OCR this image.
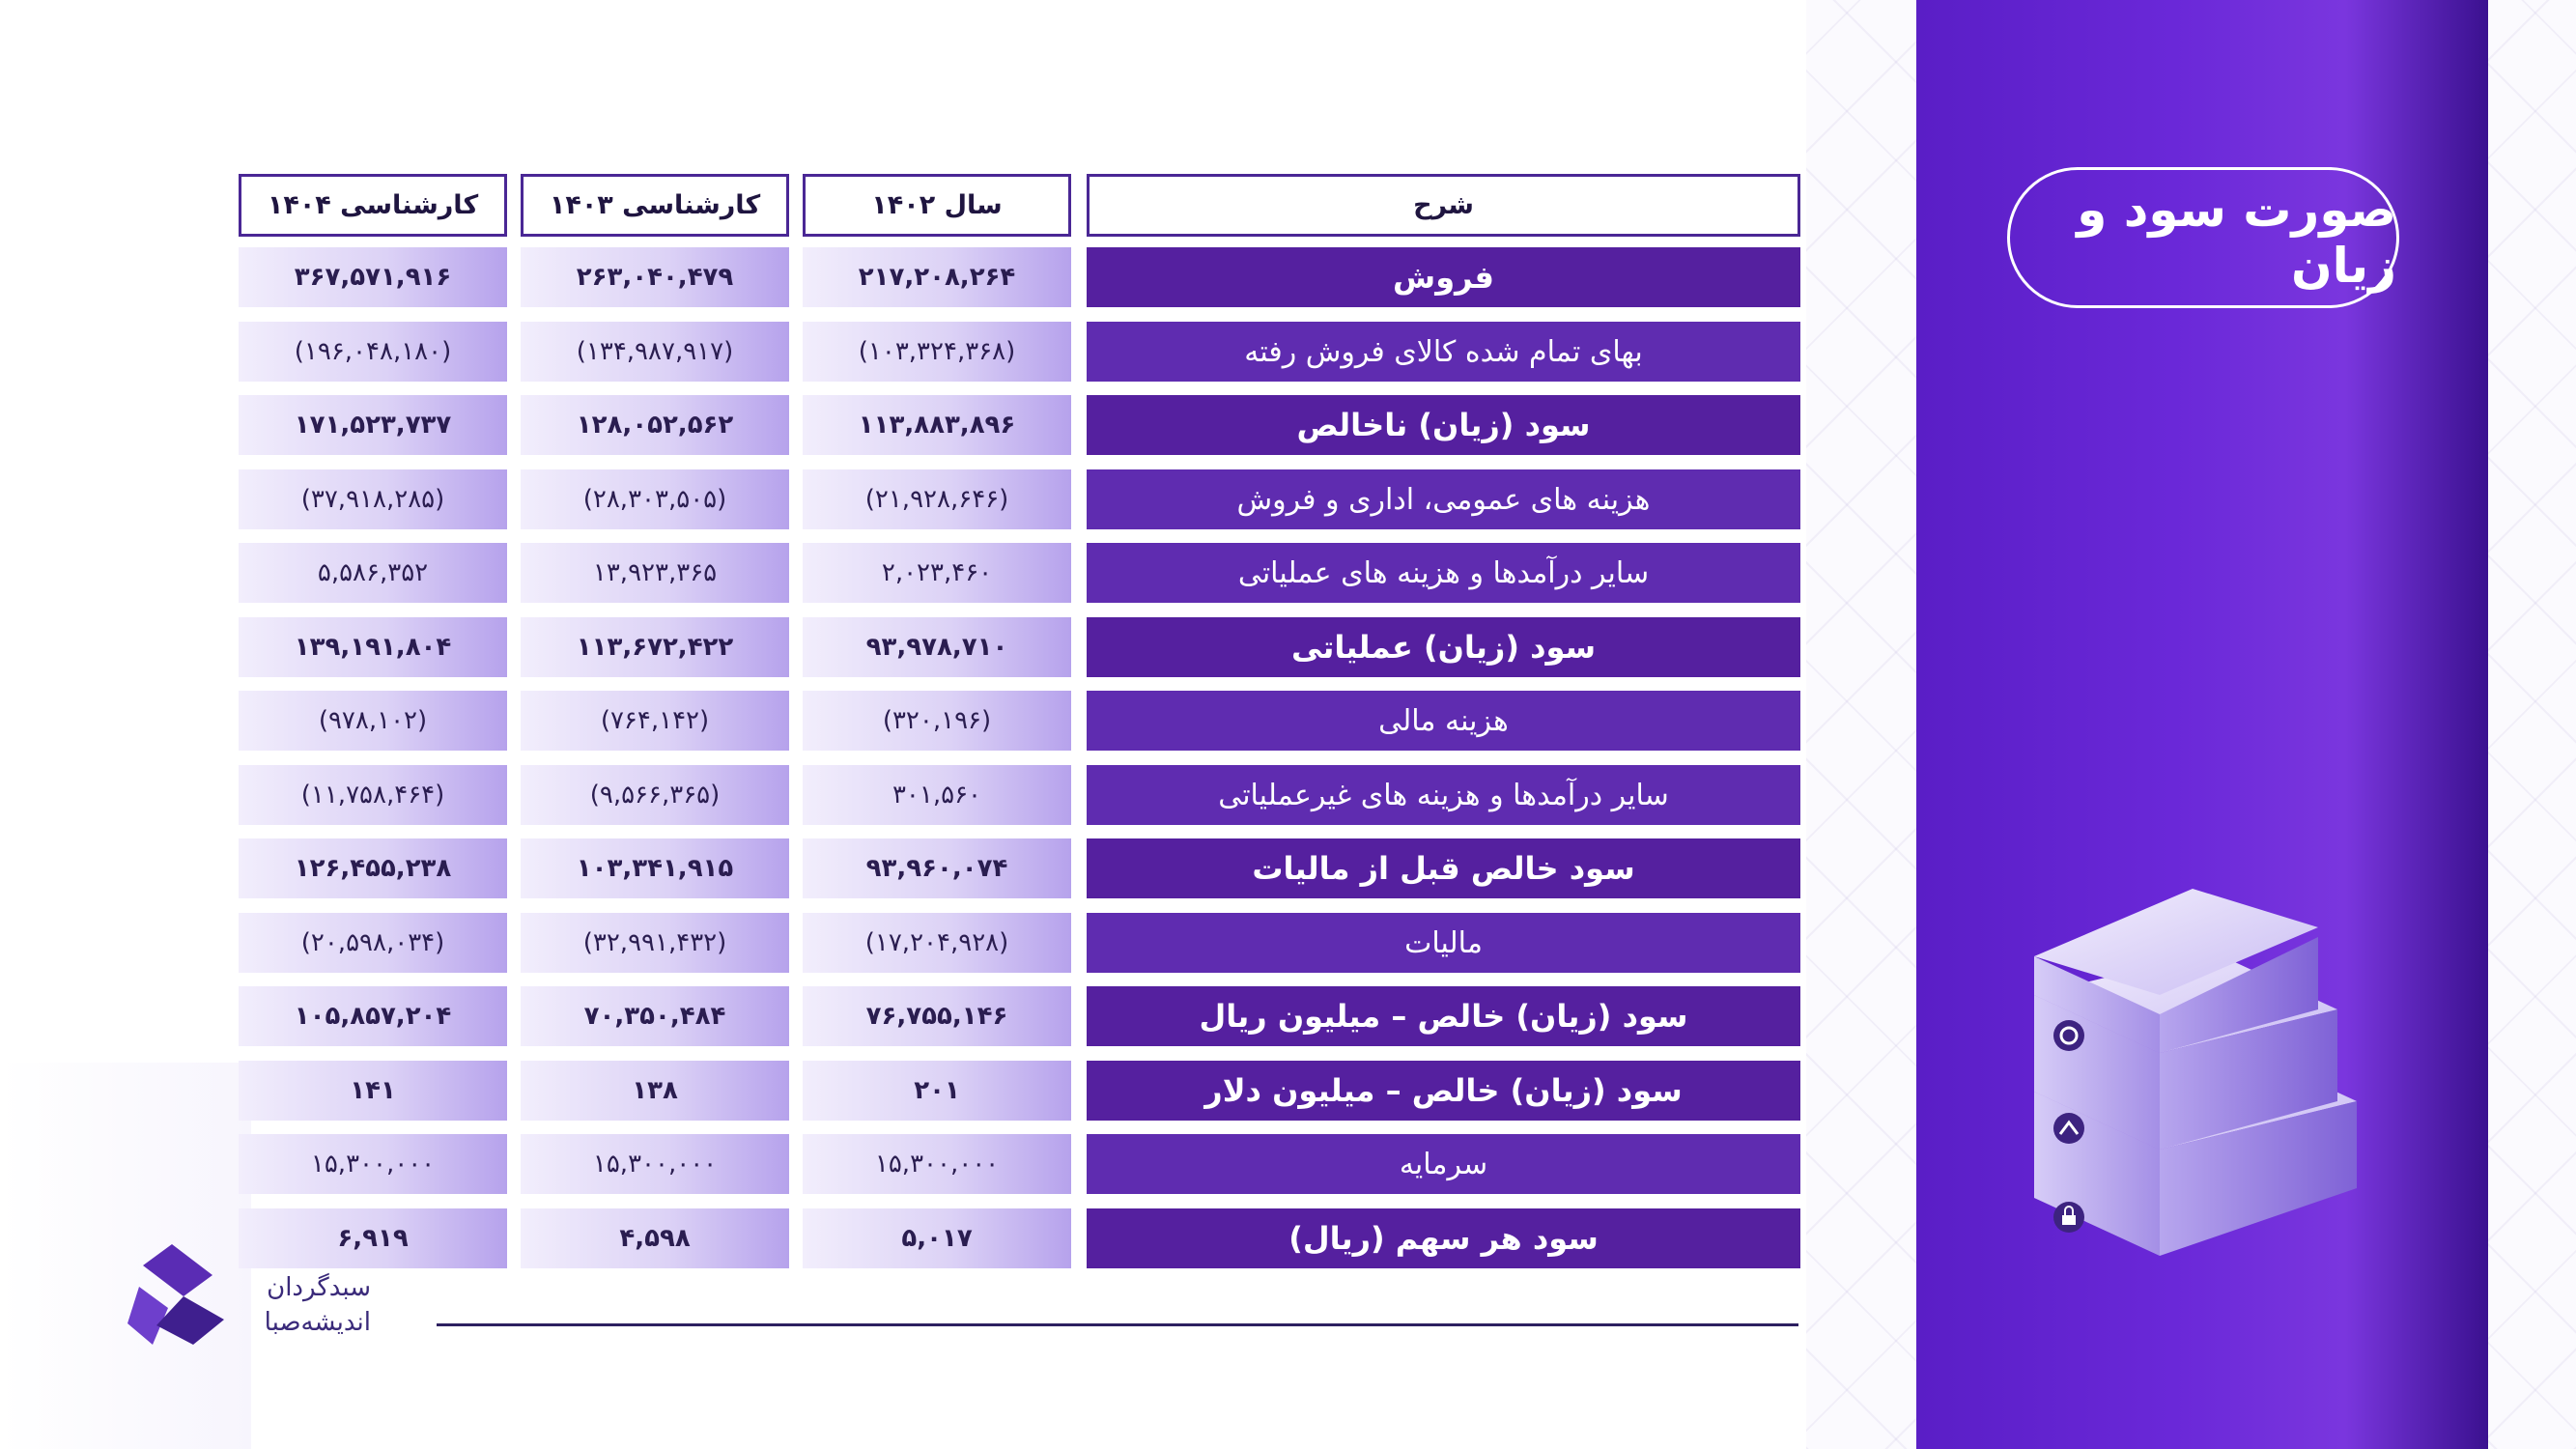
صورت سود و زیان
شرح
سال ۱۴۰۲
کارشناسی ۱۴۰۳
کارشناسی ۱۴۰۴
فروش
۲۱۷,۲۰۸,۲۶۴
۲۶۳,۰۴۰,۴۷۹
۳۶۷,۵۷۱,۹۱۶
بهای تمام شده کالای فروش رفته
(۱۰۳,۳۲۴,۳۶۸)
(۱۳۴,۹۸۷,۹۱۷)
(۱۹۶,۰۴۸,۱۸۰)
سود (زیان) ناخالص
۱۱۳,۸۸۳,۸۹۶
۱۲۸,۰۵۲,۵۶۲
۱۷۱,۵۲۳,۷۳۷
هزینه های عمومی، اداری و فروش
(۲۱,۹۲۸,۶۴۶)
(۲۸,۳۰۳,۵۰۵)
(۳۷,۹۱۸,۲۸۵)
سایر درآمدها و هزینه های عملیاتی
۲,۰۲۳,۴۶۰
۱۳,۹۲۳,۳۶۵
۵,۵۸۶,۳۵۲
سود (زیان) عملیاتی
۹۳,۹۷۸,۷۱۰
۱۱۳,۶۷۲,۴۲۲
۱۳۹,۱۹۱,۸۰۴
هزینه مالی
(۳۲۰,۱۹۶)
(۷۶۴,۱۴۲)
(۹۷۸,۱۰۲)
سایر درآمدها و هزینه های غیرعملیاتی
۳۰۱,۵۶۰
(۹,۵۶۶,۳۶۵)
(۱۱,۷۵۸,۴۶۴)
سود خالص قبل از مالیات
۹۳,۹۶۰,۰۷۴
۱۰۳,۳۴۱,۹۱۵
۱۲۶,۴۵۵,۲۳۸
مالیات
(۱۷,۲۰۴,۹۲۸)
(۳۲,۹۹۱,۴۳۲)
(۲۰,۵۹۸,۰۳۴)
سود (زیان) خالص – میلیون ریال
۷۶,۷۵۵,۱۴۶
۷۰,۳۵۰,۴۸۴
۱۰۵,۸۵۷,۲۰۴
سود (زیان) خالص – میلیون دلار
۲۰۱
۱۳۸
۱۴۱
سرمایه
۱۵,۳۰۰,۰۰۰
۱۵,۳۰۰,۰۰۰
۱۵,۳۰۰,۰۰۰
سود هر سهم (ریال)
۵,۰۱۷
۴,۵۹۸
۶,۹۱۹
سبدگردان
اندیشه‌صبا
